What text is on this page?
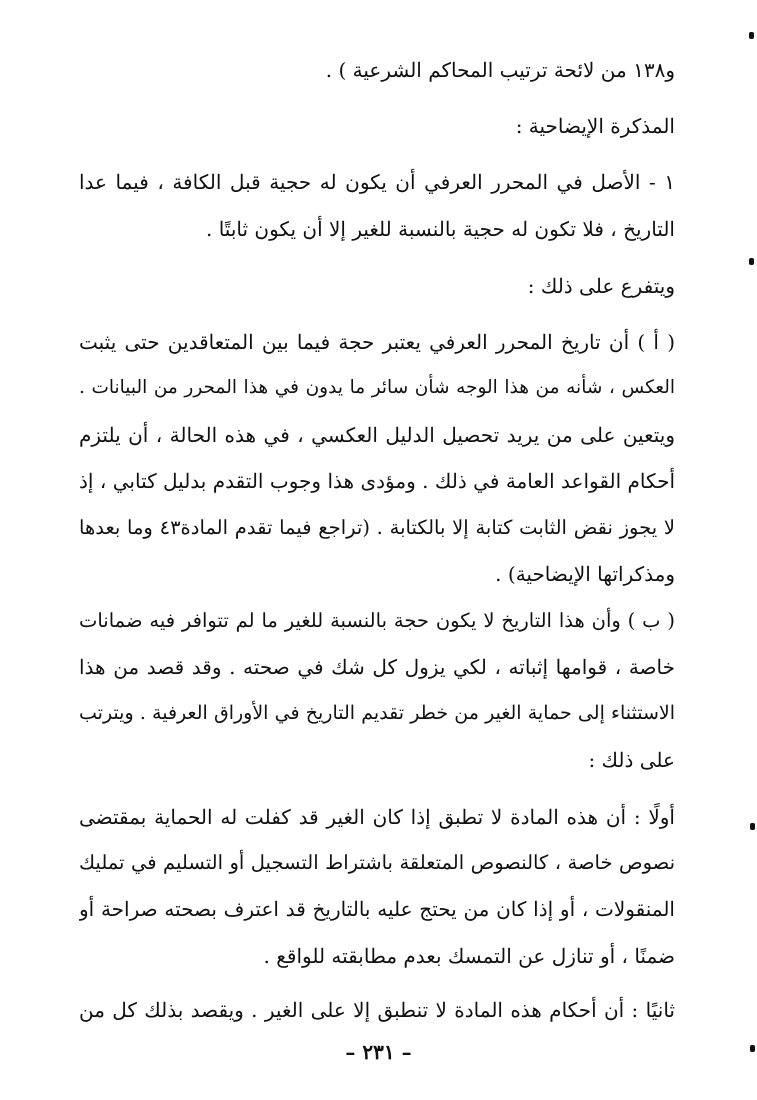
و١٣٨ من لائحة ترتيب المحاكم الشرعية ) .
المذكرة الإيضاحية :
١ - الأصل في المحرر العرفي أن يكون له حجية قبل الكافة ، فيما عدا
التاريخ ، فلا تكون له حجية بالنسبة للغير إلا أن يكون ثابتًا .
ويتفرع على ذلك :
( أ ) أن تاريخ المحرر العرفي يعتبر حجة فيما بين المتعاقدين حتى يثبت
العكس ، شأنه من هذا الوجه شأن سائر ما يدون في هذا المحرر من البيانات .
ويتعين على من يريد تحصيل الدليل العكسي ، في هذه الحالة ، أن يلتزم
أحكام القواعد العامة في ذلك . ومؤدى هذا وجوب التقدم بدليل كتابي ، إذ
لا يجوز نقض الثابت كتابة إلا بالكتابة . (تراجع فيما تقدم المادة٤٣ وما بعدها
ومذكراتها الإيضاحية) .
( ب ) وأن هذا التاريخ لا يكون حجة بالنسبة للغير ما لم تتوافر فيه ضمانات
خاصة ، قوامها إثباته ، لكي يزول كل شك في صحته . وقد قصد من هذا
الاستثناء إلى حماية الغير من خطر تقديم التاريخ في الأوراق العرفية . ويترتب
على ذلك :
أولًا : أن هذه المادة لا تطبق إذا كان الغير قد كفلت له الحماية بمقتضى
نصوص خاصة ، كالنصوص المتعلقة باشتراط التسجيل أو التسليم في تمليك
المنقولات ، أو إذا كان من يحتج عليه بالتاريخ قد اعترف بصحته صراحة أو
ضمنًا ، أو تنازل عن التمسك بعدم مطابقته للواقع .
ثانيًا : أن أحكام هذه المادة لا تنطبق إلا على الغير . ويقصد بذلك كل من
– ٢٣١ –
